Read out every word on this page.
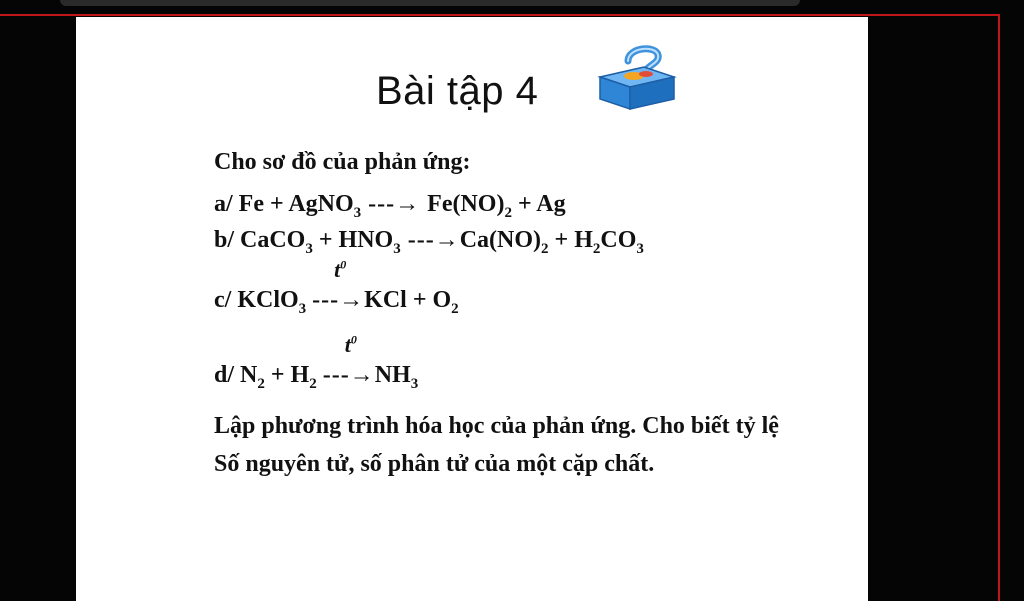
Bài tập 4
Cho sơ đồ của phản ứng:
a/ Fe + AgNO$_3$ ---→ $Fe(NO)_2 + Ag$
b/ CaCO$_3$ + $HNO_3$ $---\to Ca(NO)_2 + H_2CO_3$
c/ KClO$_3$
$t^0$
$---\to KCl + O_2$
d/ $N_2 + H_2$
$t^0$
$---\to NH_3$
Lập phương trình hóa học của phản ứng. Cho biết tỷ lệ
Số nguyên tử, số phân tử của một cặp chất.
